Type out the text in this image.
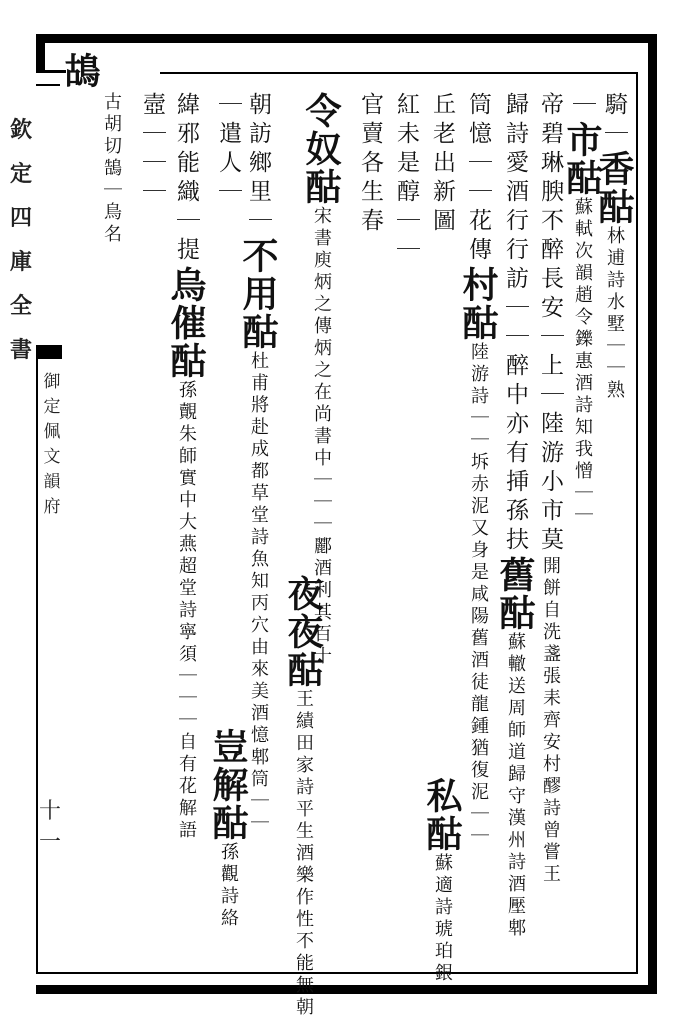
欽
定
四
庫
全
書
御
定
佩
文
韻
府
十一
鴣
騎｜香酤林逋詩水墅｜｜熟
｜市酤蘇軾次韻趙令鑠惠酒詩知我憎｜｜
帝碧琳腴不醉長安｜上｜陸游小市莫開餅自洗盞張耒齊安村醪詩曾嘗王
歸詩愛酒行行訪｜｜醉中亦有挿孫扶舊酤蘇轍送周師道歸守漢州詩酒壓郫
筒憶｜｜花傳村酤陸游詩｜｜坼赤泥又身是咸陽舊酒徒龍鍾猶復泥｜｜
丘老出新圖私酤蘇適詩琥珀銀
紅未是醇｜｜
官賣各生春
令奴酤宋書庾炳之傳炳之在尚書中｜｜｜酈酒利其百十
夜夜酤王績田家詩平生酒樂作性不能無朝
朝訪鄉里｜不用酤杜甫將赴成都草堂詩魚知丙穴由來美酒憶郫筒｜｜
｜遣人｜豈解酤孫觀詩絡
緯邪能織｜提烏催酤孫覿朱師實中大燕超堂詩寧須｜｜｜自有花解語
壼｜｜｜
古胡切鵠｜鳥名
